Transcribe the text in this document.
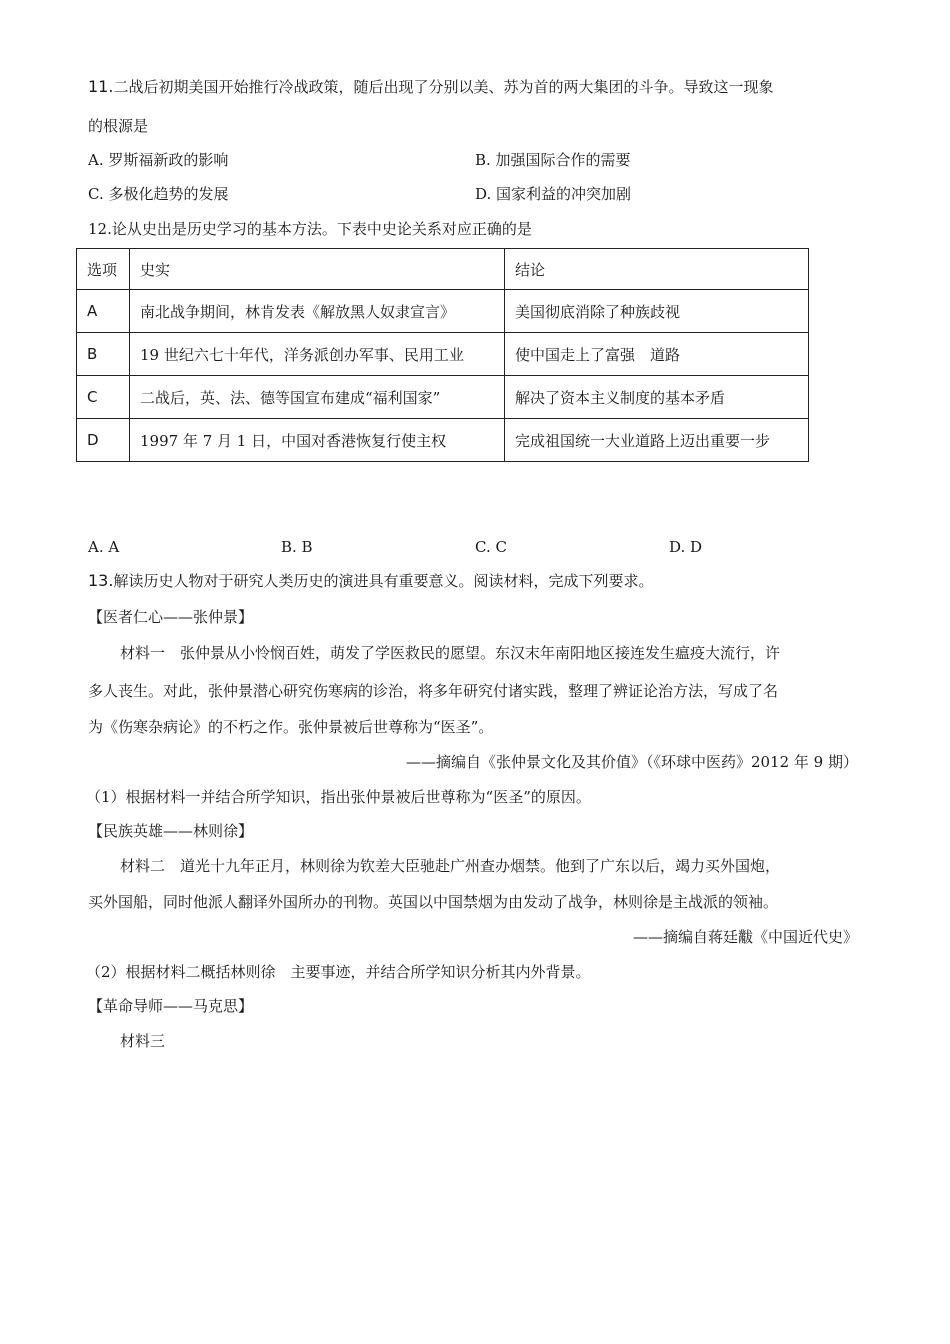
11.二战后初期美国开始推行冷战政策，随后出现了分别以美、苏为首的两大集团的斗争。导致这一现象
的根源是
A. 罗斯福新政的影响	B. 加强国际合作的需要
C. 多极化趋势的发展	D. 国家利益的冲突加剧
12.论从史出是历史学习的基本方法。下表中史论关系对应正确的是
选项	史实	结论
A	南北战争期间，林肯发表《解放黑人奴隶宣言》	美国彻底消除了种族歧视
B	19 世纪六七十年代，洋务派创办军事、民用工业	使中国走上了富强　道路
C	二战后，英、法、德等国宣布建成“福利国家”	解决了资本主义制度的基本矛盾
D	1997 年 7 月 1 日，中国对香港恢复行使主权	完成祖国统一大业道路上迈出重要一步
A. A	B. B	C. C	D. D
13.解读历史人物对于研究人类历史的演进具有重要意义。阅读材料，完成下列要求。
【医者仁心——张仲景】
材料一　张仲景从小怜悯百姓，萌发了学医救民的愿望。东汉末年南阳地区接连发生瘟疫大流行，许
多人丧生。对此，张仲景潜心研究伤寒病的诊治，将多年研究付诸实践，整理了辨证论治方法，写成了名
为《伤寒杂病论》的不朽之作。张仲景被后世尊称为“医圣”。
——摘编自《张仲景文化及其价值》（《环球中医药》2012 年 9 期）
（1）根据材料一并结合所学知识，指出张仲景被后世尊称为“医圣”的原因。
【民族英雄——林则徐】
材料二　道光十九年正月，林则徐为钦差大臣驰赴广州查办烟禁。他到了广东以后，竭力买外国炮，
买外国船，同时他派人翻译外国所办的刊物。英国以中国禁烟为由发动了战争，林则徐是主战派的领袖。
——摘编自蒋廷黻《中国近代史》
（2）根据材料二概括林则徐　主要事迹，并结合所学知识分析其内外背景。
【革命导师——马克思】
材料三
